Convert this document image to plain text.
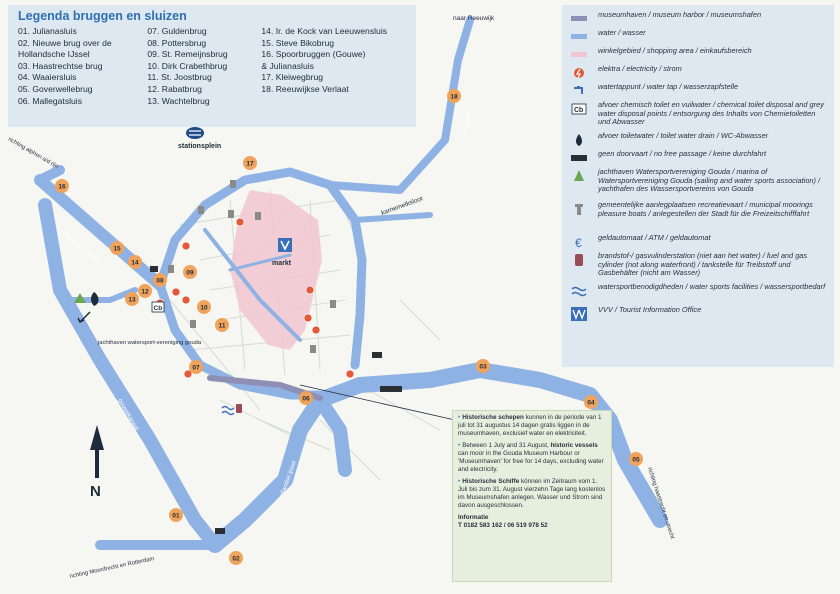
Cb
N
naar Reeuwijk
breevaart
karnemelksloot
stationsplein
markt
richting alphen a/d rijn
Nieuwe Gouwe
jachthaven watersport-vereniging gouda
gouwekanaal
hollandse ijssel
richting Moordrecht en Rotterdam
richting haastrecht en utrecht
01
02
03
04
05
06
07
08
09
10
11
12
13
14
15
16
17
18
Legenda bruggen en sluizen
01. Julianasluis
02. Nieuwe brug over de
Hollandsche IJssel
03. Haastrechtse brug
04. Waaiersluis
05. Goverwellebrug
06. Mallegatsluis
07. Guldenbrug
08. Pottersbrug
09. St. Remeijnsbrug
10. Dirk Crabethbrug
11. St. Joostbrug
12. Rabatbrug
13. Wachtelbrug
14. Ir. de Kock van Leeuwensluis
15. Steve Bikobrug
16. Spoorbruggen (Gouwe)
& Julianasluis
17. Kleiwegbrug
18. Reeuwijkse Verlaat
museumhaven / museum harbor / museumshafen
water / wasser
winkelgebied / shopping area / einkaufsbereich
elektra / electricity / strom
watertappunt / water tap / wasserzapfstelle
Cb
afvoer chemisch toilet en vuilwater / chemical toilet disposal and grey water disposal points / entsorgung des Inhalts von Chemietoiletten und Abwasser
afvoer toiletwater / toilet water drain / WC-Abwasser
geen doorvaart / no free passage / keine durchfahrt
jachthaven Watersportvereniging Gouda / marina of Watersportvereniging Gouda (sailing and water sports association) / yachthafen des Wassersportvereins von Gouda
gemeentelijke aanlegplaatsen recreatievaart / municipal moorings pleasure boats / anlegestellen der Stadt für die Freizeitschifffahrt
€ geldautomaat / ATM / geldautomat
brandstof-/ gasvulinderstation (niet aan het water) / fuel and gas cylinder (not along waterfront) / tankstelle für Treibstoff und Gasbehälter (nicht am Wasser)
watersportbenodigdheden / water sports facilities / wassersportbedarf
VVV / Tourist Information Office

• Historische schepen kunnen in de periode van 1 juli tot 31 augustus 14 dagen gratis liggen in de museumhaven, exclusief water en elektriciteit.

• Between 1 July and 31 August, historic vessels can moor in the Gouda Museum Harbour or 'Museumhaven' for free for 14 days, excluding water and electricity.

• Historische Schiffe können im Zeitraum vom 1. Juli bis zum 31. August vierzehn Tage lang kostenlos im Museumshafen anlegen. Wasser und Strom sind davon ausgeschlossen.

Informatie
T 0182 583 162 / 06 519 978 52
